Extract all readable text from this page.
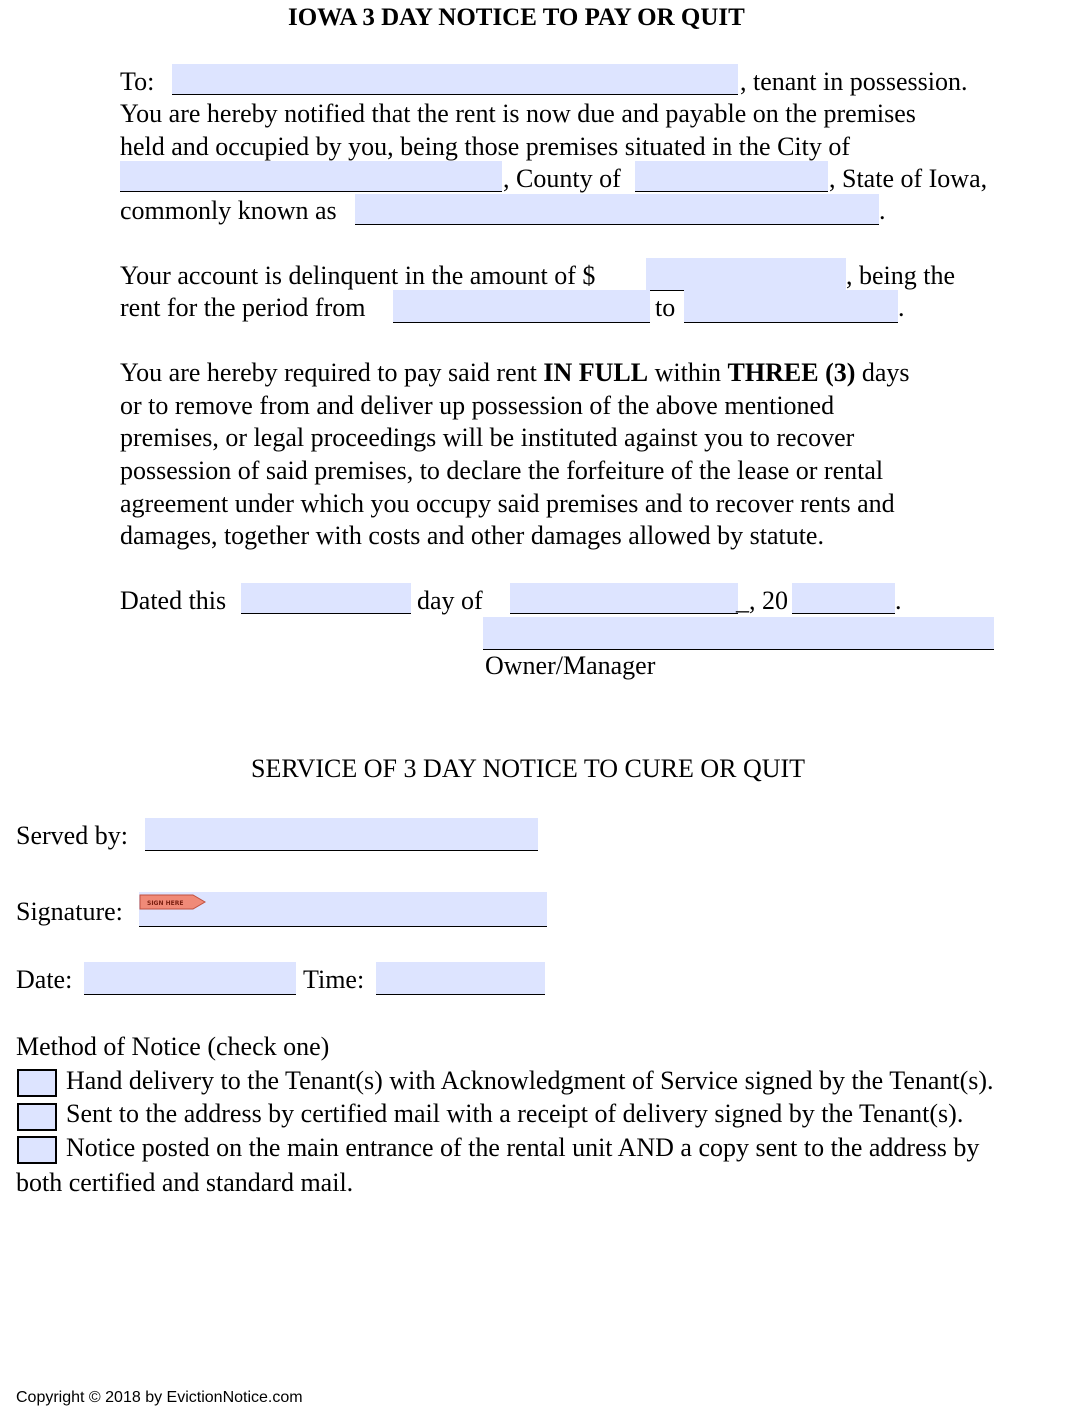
IOWA 3 DAY NOTICE TO PAY OR QUIT
To:	, tenant in possession.
You are hereby notified that the rent is now due and payable on the premises
held and occupied by you, being those premises situated in the City of
, County of	, State of Iowa,
commonly known as	.
Your account is delinquent in the amount of $	, being the
rent for the period from	to	.
You are hereby required to pay said rent IN FULL within THREE (3) days
or to remove from and deliver up possession of the above mentioned
premises, or legal proceedings will be instituted against you to recover
possession of said premises, to declare the forfeiture of the lease or rental
agreement under which you occupy said premises and to recover rents and
damages, together with costs and other damages allowed by statute.
Dated this	day of	_, 20	.
Owner/Manager
SERVICE OF 3 DAY NOTICE TO CURE OR QUIT
Served by:
Signature:	SIGN HERE
Date:	Time:
Method of Notice (check one)
Hand delivery to the Tenant(s) with Acknowledgment of Service signed by the Tenant(s).
Sent to the address by certified mail with a receipt of delivery signed by the Tenant(s).
Notice posted on the main entrance of the rental unit AND a copy sent to the address by
both certified and standard mail.
Copyright © 2018 by EvictionNotice.com
